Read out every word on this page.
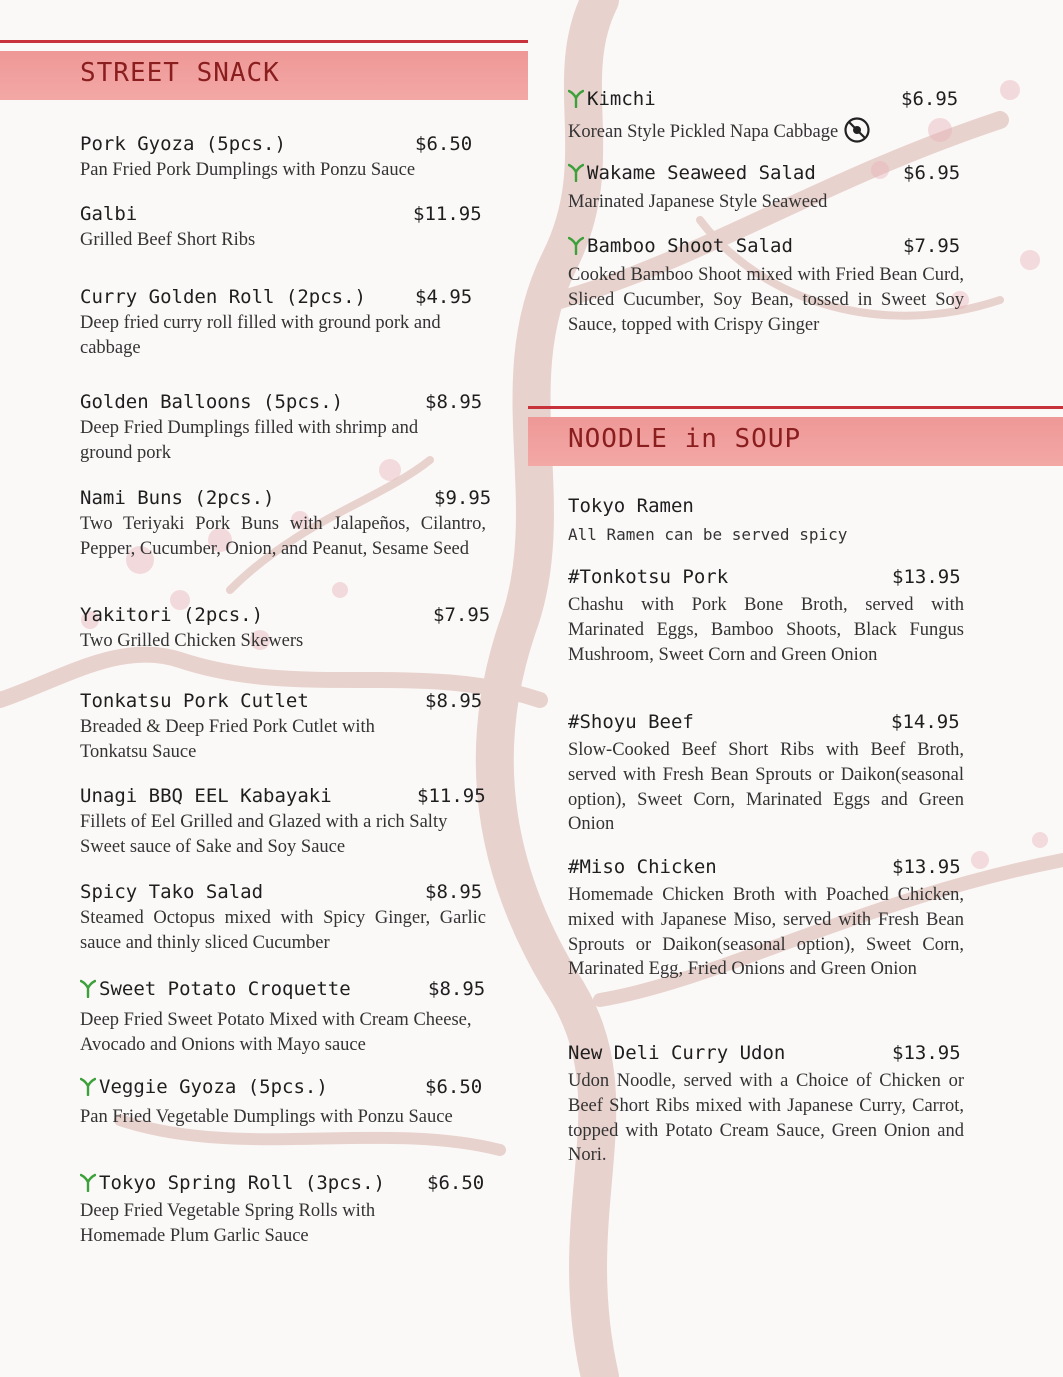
STREET SNACK
Pork Gyoza (5pcs.)	$6.50
Pan Fried Pork Dumplings with Ponzu Sauce
Galbi	$11.95
Grilled Beef Short Ribs
Curry Golden Roll (2pcs.)	$4.95
Deep fried curry roll filled with ground pork and cabbage
Golden Balloons (5pcs.)	$8.95
Deep Fried Dumplings filled with shrimp and ground pork
Nami Buns (2pcs.)	$9.95
Two Teriyaki Pork Buns with Jalapeños, Cilantro, Pepper, Cucumber, Onion, and Peanut, Sesame Seed
Yakitori (2pcs.)	$7.95
Two Grilled Chicken Skewers
Tonkatsu Pork Cutlet	$8.95
Breaded & Deep Fried Pork Cutlet with Tonkatsu Sauce
Unagi BBQ EEL Kabayaki	$11.95
Fillets of Eel Grilled and Glazed with a rich Salty Sweet sauce of Sake and Soy Sauce
Spicy Tako Salad	$8.95
Steamed Octopus mixed with Spicy Ginger, Garlic sauce and thinly sliced Cucumber
Sweet Potato Croquette	$8.95
Deep Fried Sweet Potato Mixed with Cream Cheese, Avocado and Onions with Mayo sauce
Veggie Gyoza (5pcs.)	$6.50
Pan Fried Vegetable Dumplings with Ponzu Sauce
Tokyo Spring Roll (3pcs.) $6.50
Deep Fried Vegetable Spring Rolls with Homemade Plum Garlic Sauce
Kimchi	$6.95
Korean Style Pickled Napa Cabbage
Wakame Seaweed Salad	$6.95
Marinated Japanese Style Seaweed
Bamboo Shoot Salad	$7.95
Cooked Bamboo Shoot mixed with Fried Bean Curd, Sliced Cucumber, Soy Bean, tossed in Sweet Soy Sauce, topped with Crispy Ginger
NOODLE in SOUP
Tokyo Ramen
All Ramen can be served spicy
#Tonkotsu Pork	$13.95
Chashu with Pork Bone Broth, served with Marinated Eggs, Bamboo Shoots, Black Fungus Mushroom, Sweet Corn and Green Onion
#Shoyu Beef	$14.95
Slow-Cooked Beef Short Ribs with Beef Broth, served with Fresh Bean Sprouts or Daikon(seasonal option), Sweet Corn, Marinated Eggs and Green Onion
#Miso Chicken	$13.95
Homemade Chicken Broth with Poached Chicken, mixed with Japanese Miso, served with Fresh Bean Sprouts or Daikon(seasonal option), Sweet Corn, Marinated Egg, Fried Onions and Green Onion
New Deli Curry Udon	$13.95
Udon Noodle, served with a Choice of Chicken or Beef Short Ribs mixed with Japanese Curry, Carrot, topped with Potato Cream Sauce, Green Onion and Nori.
